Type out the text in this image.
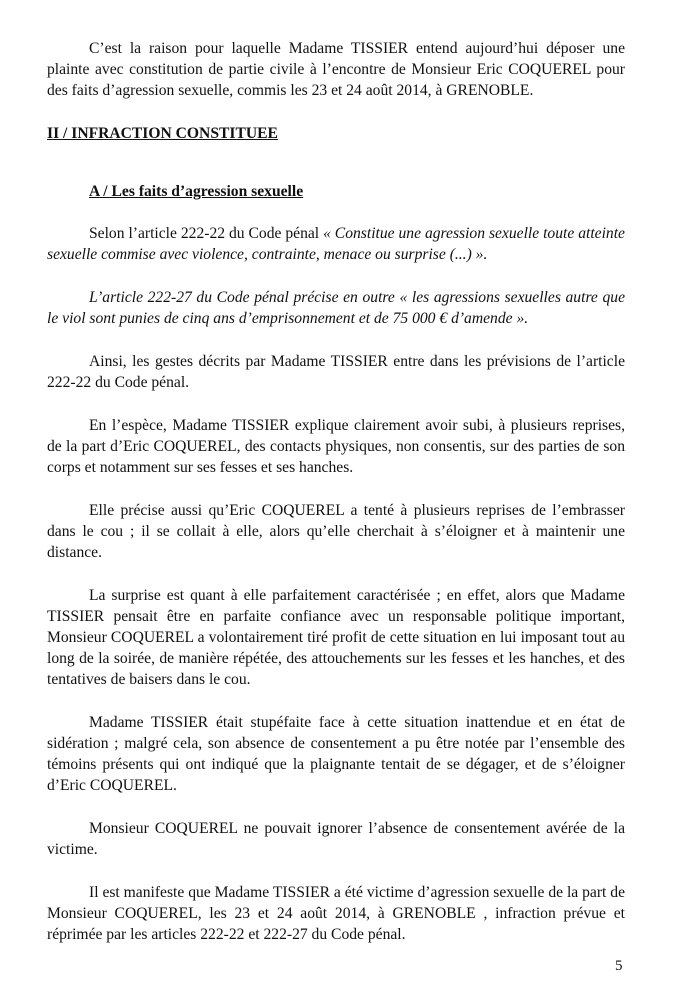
C’est la raison pour laquelle Madame TISSIER entend aujourd’hui déposer une plainte avec constitution de partie civile à l’encontre de Monsieur Eric COQUEREL pour des faits d’agression sexuelle, commis les 23 et 24 août 2014, à GRENOBLE.

II / INFRACTION CONSTITUEE

A / Les faits d’agression sexuelle

Selon l’article 222-22 du Code pénal « Constitue une agression sexuelle toute atteinte sexuelle commise avec violence, contrainte, menace ou surprise (...) ».

L’article 222-27 du Code pénal précise en outre « les agressions sexuelles autre que le viol sont punies de cinq ans d’emprisonnement et de 75 000 € d’amende ».

Ainsi, les gestes décrits par Madame TISSIER entre dans les prévisions de l’article 222-22 du Code pénal.

En l’espèce, Madame TISSIER explique clairement avoir subi, à plusieurs reprises, de la part d’Eric COQUEREL, des contacts physiques, non consentis, sur des parties de son corps et notamment sur ses fesses et ses hanches.

Elle précise aussi qu’Eric COQUEREL a tenté à plusieurs reprises de l’embrasser dans le cou ; il se collait à elle, alors qu’elle cherchait à s’éloigner et à maintenir une distance.

La surprise est quant à elle parfaitement caractérisée ; en effet, alors que Madame TISSIER pensait être en parfaite confiance avec un responsable politique important, Monsieur COQUEREL a volontairement tiré profit de cette situation en lui imposant tout au long de la soirée, de manière répétée, des attouchements sur les fesses et les hanches, et des tentatives de baisers dans le cou.

Madame TISSIER était stupéfaite face à cette situation inattendue et en état de sidération ; malgré cela, son absence de consentement a pu être notée par l’ensemble des témoins présents qui ont indiqué que la plaignante tentait de se dégager, et de s’éloigner d’Eric COQUEREL.

Monsieur COQUEREL ne pouvait ignorer l’absence de consentement avérée de la victime.

Il est manifeste que Madame TISSIER a été victime d’agression sexuelle de la part de Monsieur COQUEREL, les 23 et 24 août 2014, à GRENOBLE , infraction prévue et réprimée par les articles 222-22 et 222-27 du Code pénal.

5
